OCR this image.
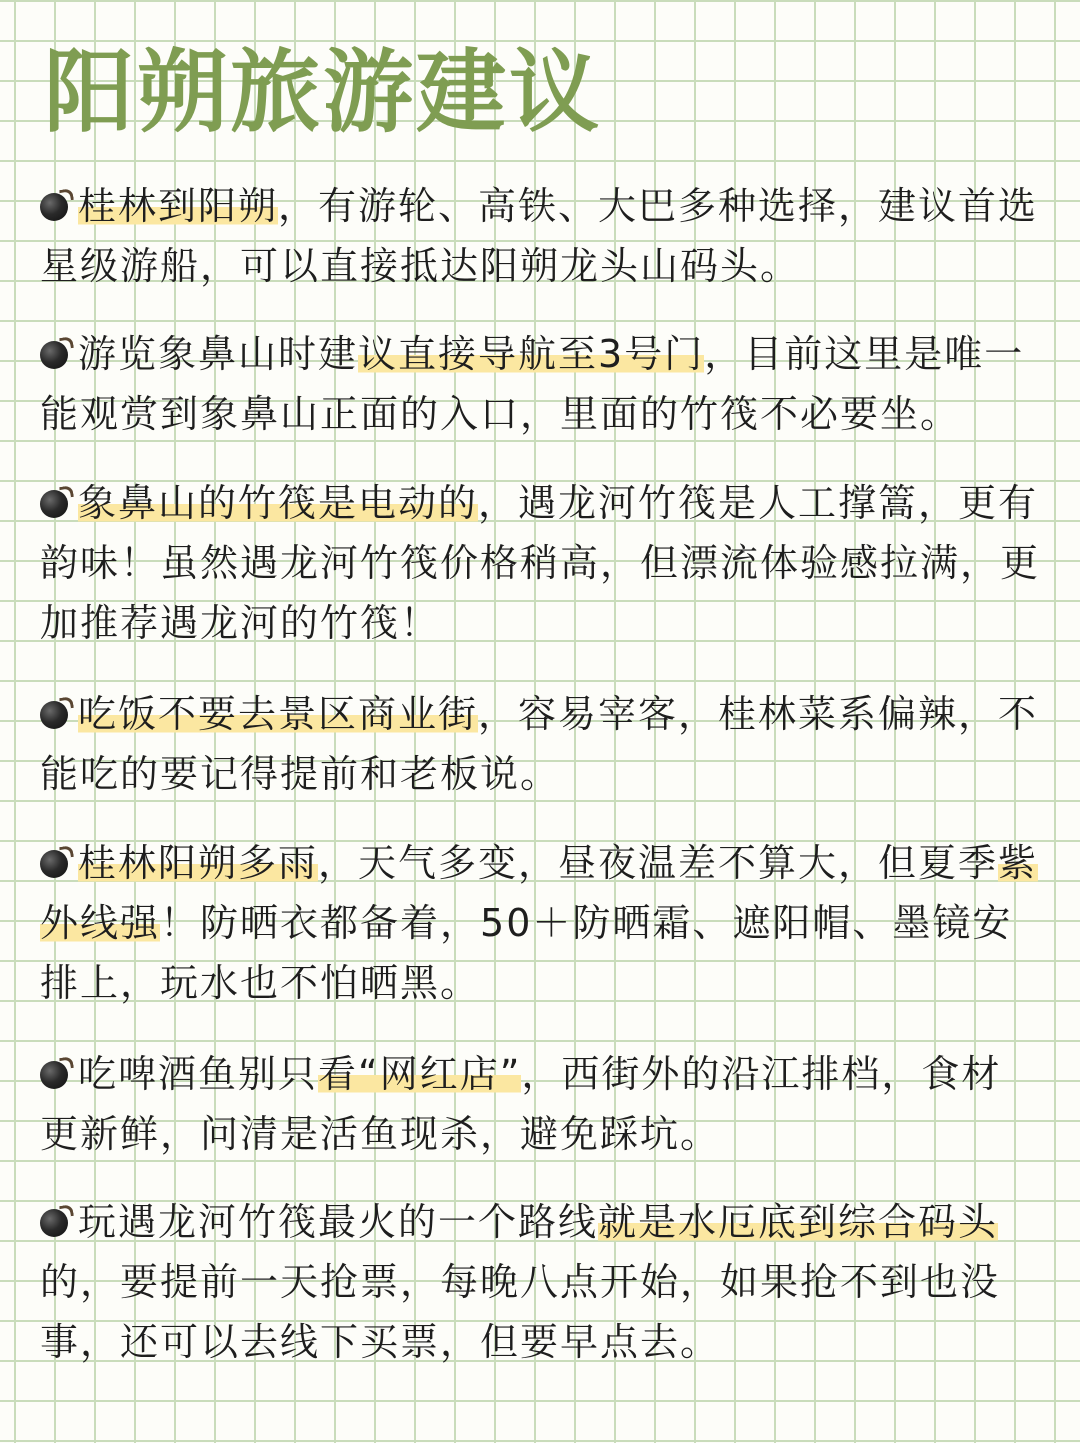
阳朔旅游建议

桂林到阳朔，有游轮、高铁、大巴多种选择，建议首选星级游船，可以直接抵达阳朔龙头山码头。

游览象鼻山时建议直接导航至3号门，目前这里是唯一能观赏到象鼻山正面的入口，里面的竹筏不必要坐。

象鼻山的竹筏是电动的，遇龙河竹筏是人工撑篙，更有韵味！虽然遇龙河竹筏价格稍高，但漂流体验感拉满，更加推荐遇龙河的竹筏！

吃饭不要去景区商业街，容易宰客，桂林菜系偏辣，不能吃的要记得提前和老板说。

桂林阳朔多雨，天气多变，昼夜温差不算大，但夏季紫外线强！防晒衣都备着，50＋防晒霜、遮阳帽、墨镜安排上，玩水也不怕晒黑。

吃啤酒鱼别只看“网红店”，西街外的沿江排档，食材更新鲜，问清是活鱼现杀，避免踩坑。

玩遇龙河竹筏最火的一个路线就是水厄底到综合码头的，要提前一天抢票，每晚八点开始，如果抢不到也没事，还可以去线下买票，但要早点去。
